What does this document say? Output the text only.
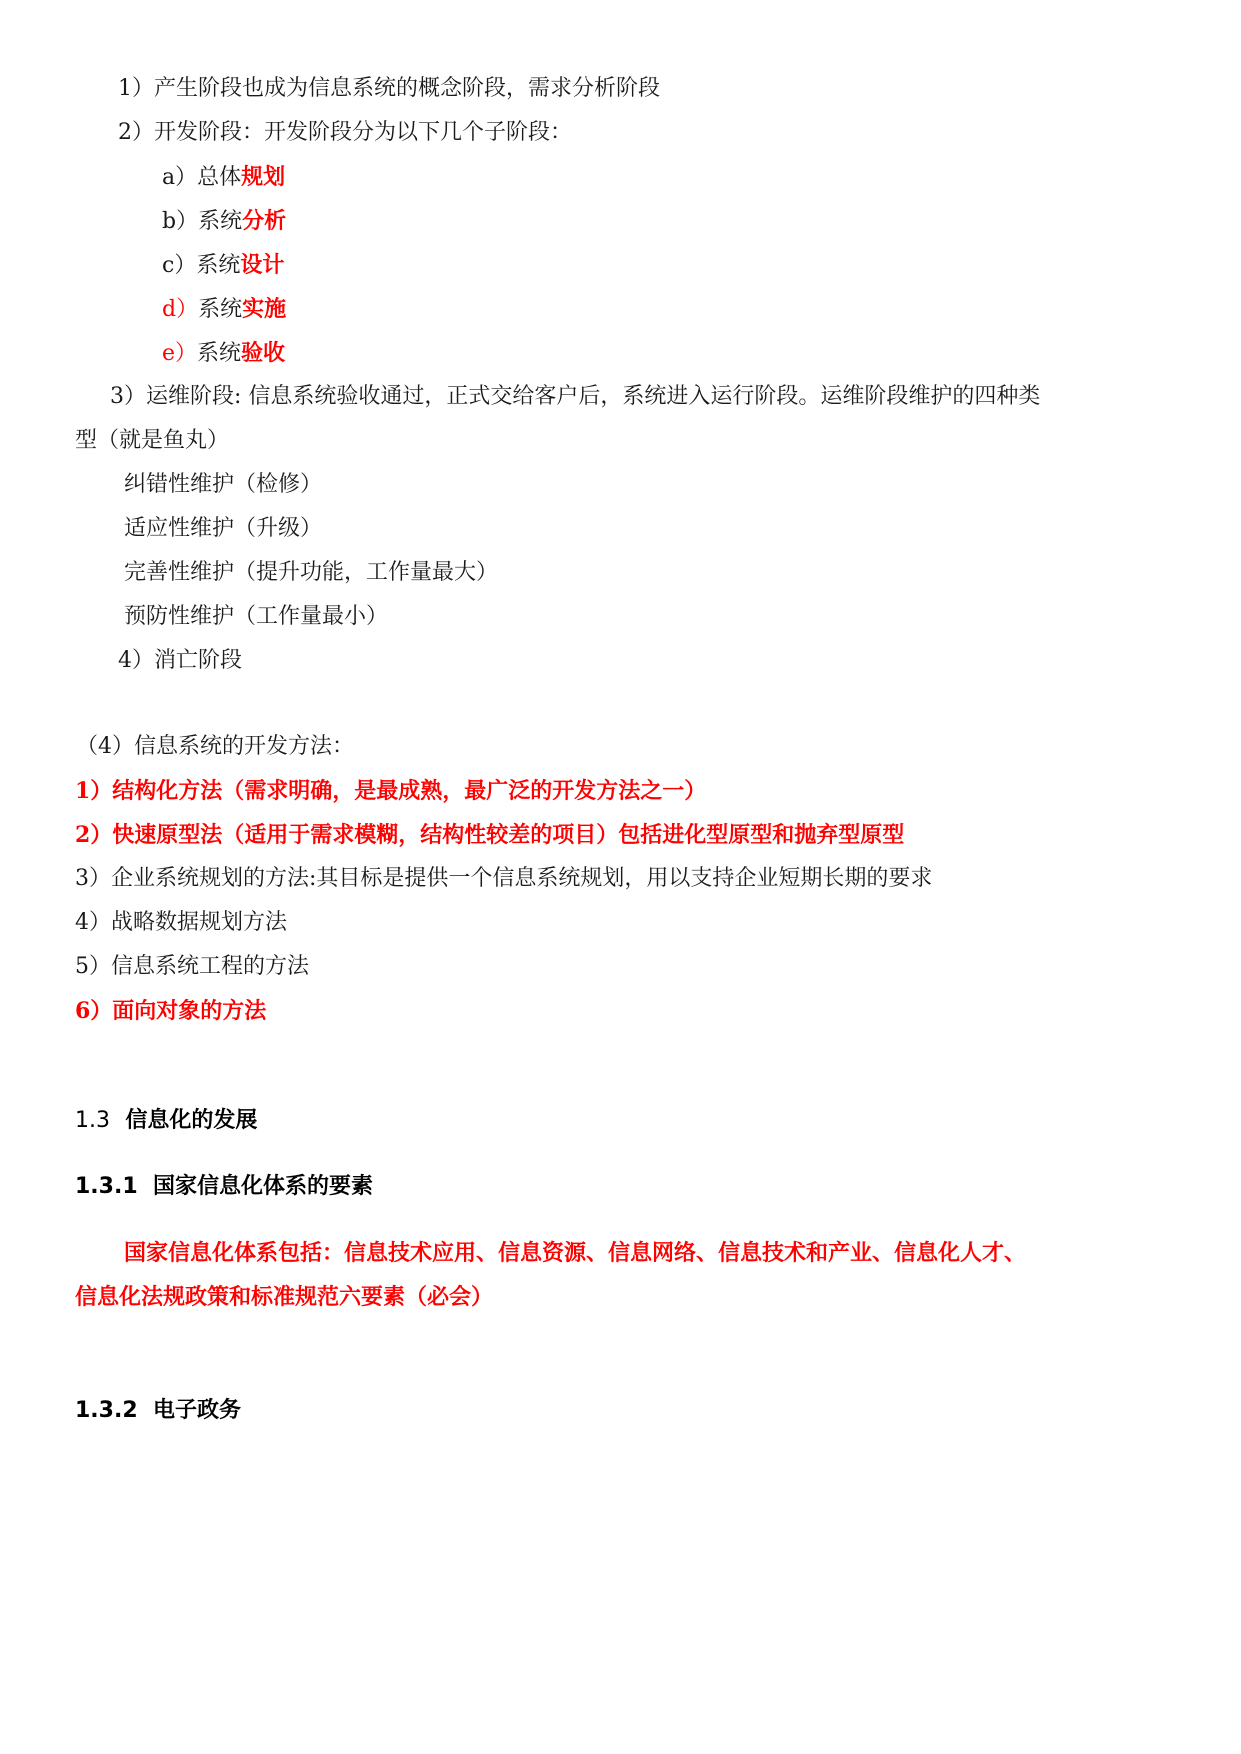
1）产生阶段也成为信息系统的概念阶段，需求分析阶段
2）开发阶段：开发阶段分为以下几个子阶段：
a）总体规划
b）系统分析
c）系统设计
d）系统实施
e）系统验收
3）运维阶段: 信息系统验收通过，正式交给客户后，系统进入运行阶段。运维阶段维护的四种类
型（就是鱼丸）
纠错性维护（检修）
适应性维护（升级）
完善性维护（提升功能，工作量最大）
预防性维护（工作量最小）
4）消亡阶段
（4）信息系统的开发方法：
1）结构化方法（需求明确，是最成熟，最广泛的开发方法之一）
2）快速原型法（适用于需求模糊，结构性较差的项目）包括进化型原型和抛弃型原型
3）企业系统规划的方法:其目标是提供一个信息系统规划，用以支持企业短期长期的要求
4）战略数据规划方法
5）信息系统工程的方法
6）面向对象的方法
1.3 信息化的发展
1.3.1 国家信息化体系的要素
国家信息化体系包括：信息技术应用、信息资源、信息网络、信息技术和产业、信息化人才、
信息化法规政策和标准规范六要素（必会）
1.3.2 电子政务
